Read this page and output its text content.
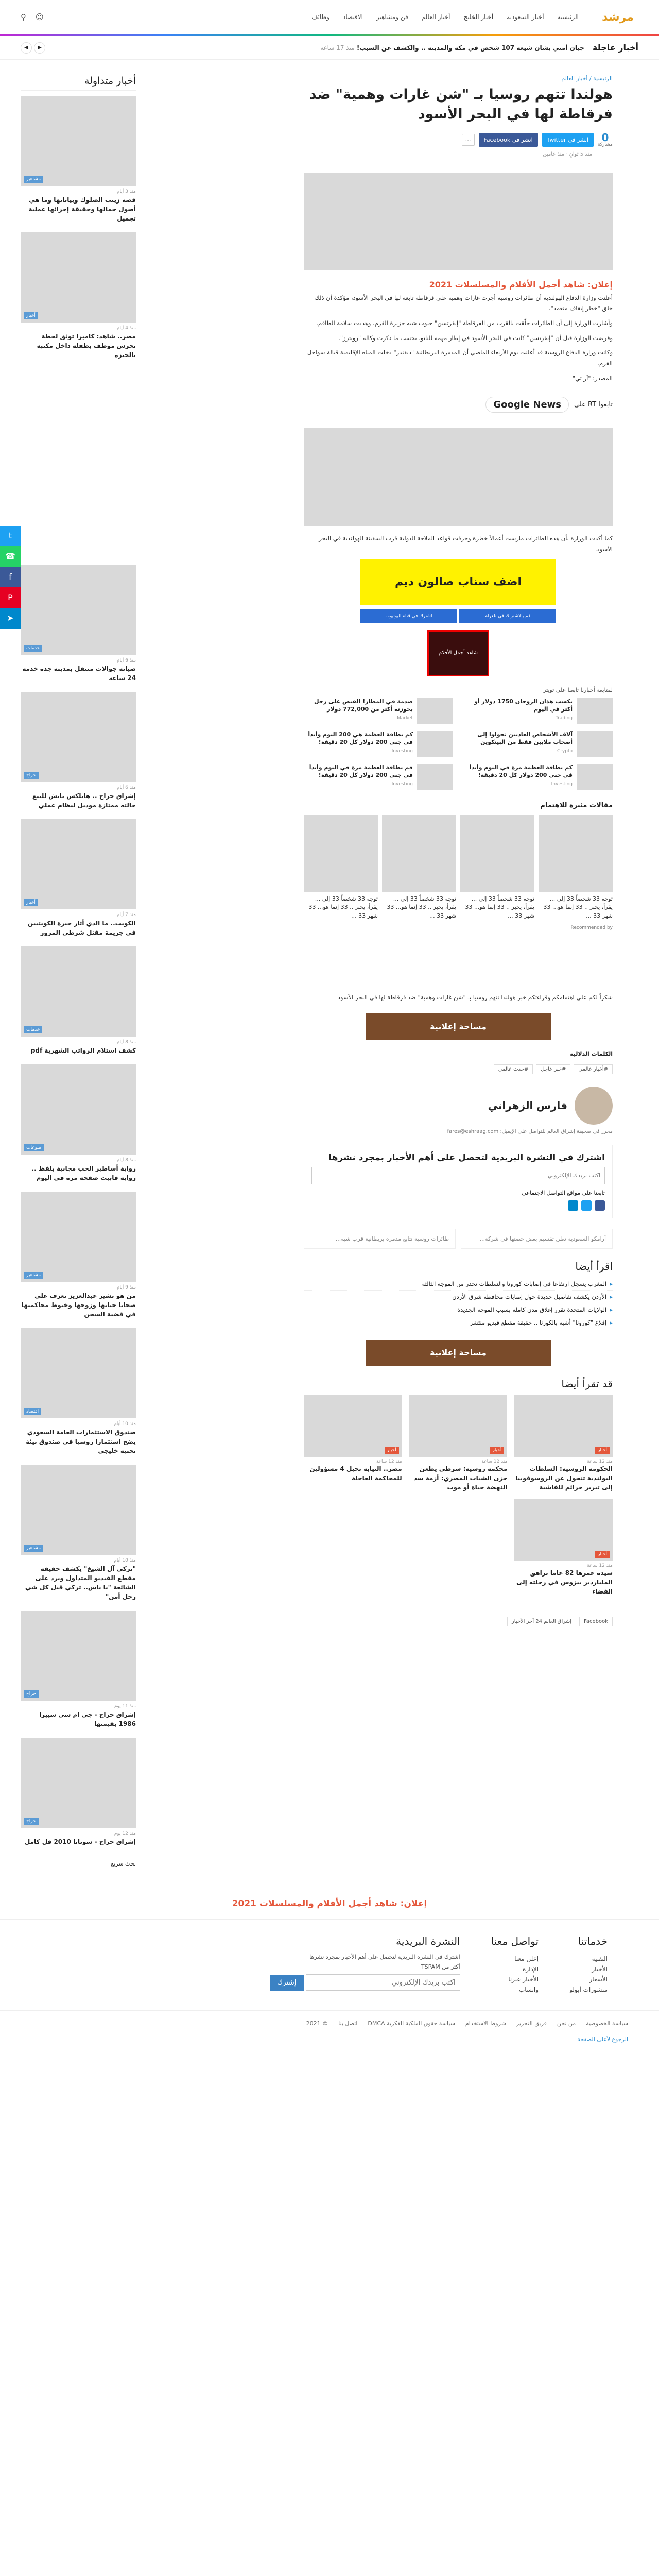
مرشد
الرئيسية
أخبار السعودية
أخبار الخليج
أخبار العالم
فن ومشاهير
الاقتصاد
وظائف
☺
⚲
أخبار عاجلة
جيان أمني يشان شيعة 107 شخص في مكة والمدينة .. والكشف عن السبب! منذ 17 ساعة
▶
◀
t
☎
f
P
➤
الرئيسية / أخبار العالم
هولندا تتهم روسيا بـ "شن غارات وهمية" ضد فرقاطة لها في البحر الأسود
0
مشاركة
انشر في Twitter
انشر في Facebook
⋯
منذ 5 ثوانٍ · منذ عامين
إعلان: شاهد أجمل الأفلام والمسلسلات 2021

أعلنت وزارة الدفاع الهولندية أن طائرات روسية أجرت غارات وهمية على فرقاطة تابعة لها في البحر الأسود، مؤكدة أن ذلك خلق "خطر إيقاف متعمد".

وأشارت الوزارة إلى أن الطائرات حلّقت بالقرب من الفرقاطة "إيفرتسن" جنوب شبه جزيرة القرم، وهددت سلامة الطاقم.

وفرضت الوزارة قيل أن "إيفرتسن" كانت في البحر الأسود في إطار مهمة للناتو، بحسب ما ذكرت وكالة "رويترز".

وكانت وزارة الدفاع الروسية قد أعلنت يوم الأربعاء الماضي أن المدمرة البريطانية "ديفندر" دخلت المياه الإقليمية قبالة سواحل القرم.

المصدر: "آر تي"

تابعوا RT على
Google News

كما أكدت الوزارة بأن هذه الطائرات مارست أعمالاً خطرة وخرقت قواعد الملاحة الدولية قرب السفينة الهولندية في البحر الأسود.

اضف سناب صالون ديم
قم بالاشتراك في تلغرام
اشترك في قناة اليوتيوب
شاهد أجمل الأفلام
لمتابعة أخبارنا تابعنا على تويتر
يكسب هذان الزوجان 1750 دولار أو أكثر في اليوم
Trading
صدمة في المطار! القبض على رجل بحوزته أكثر من 772,000 دولار
Market
آلاف الأشخاص العاديين تحولوا إلى أصحاب ملايين فقط من البيتكوين
Crypto
كم بطاقة العظمة هي 200 اليوم وأبدأ في جني 200 دولار كل 20 دقيقة!
Investing
كم بطاقة العظمة مرة في اليوم وأبدأ في جني 200 دولار كل 20 دقيقة!
Investing
قم بطاقة العظمة مرة في اليوم وأبدأ في جني 200 دولار كل 20 دقيقة!
Investing
مقالات مثيرة للاهتمام

توجه 33 شخصاً 33 إلى ... يقرأ، يخبر .. 33 إنما هو... 33 شهر 33 ...

توجه 33 شخصاً 33 إلى ... يقرأ، يخبر .. 33 إنما هو... 33 شهر 33 ...

توجه 33 شخصاً 33 إلى ... يقرأ، يخبر .. 33 إنما هو... 33 شهر 33 ...

توجه 33 شخصاً 33 إلى ... يقرأ، يخبر .. 33 إنما هو... 33 شهر 33 ...

Recommended by

شكراً لكم على اهتمامكم وقراءتكم خبر هولندا تتهم روسيا بـ "شن غارات وهمية" ضد فرقاطة لها في البحر الأسود

مساحة إعلانية
الكلمات الدلالية
#أخبار عالمي
#خبر عاجل
#حدث عالمي
فارس الزهراني
محرر في صحيفة إشراق العالم للتواصل على الإيميل: fares@eshraag.com
اشترك في النشرة البريدية لتحصل على أهم الأخبار بمجرد نشرها
اكتب بريدك الإلكتروني
تابعنا على مواقع التواصل الاجتماعي
أرامكو السعودية تعلن تقسيم بعض حصتها في شركة...
طائرات روسية تتابع مدمرة بريطانية قرب شبه...
اقرأ أيضا
▸ المغرب يسجل ارتفاعا في إصابات كورونا والسلطات تحذر من الموجة الثالثة
▸ الأردن يكشف تفاصيل جديدة حول إصابات محافظة شرق الأردن
▸ الولايات المتحدة تقرر إغلاق مدن كاملة بسبب الموجة الجديدة
▸ إقلاع "كورونا" أشبه بالكورنا .. حقيقة مقطع فيديو منتشر
مساحة إعلانية
قد تقرأ أيضا
أخبار
منذ 12 ساعة
الحكومة الروسية: السلطات البولندية تتحول عن الروسوفوبيا إلى تبرير جرائم للفاشية
أخبار
منذ 12 ساعة
محكمة روسية: شرطي يطعن حزن الشباب المصري: أزمة سد النهضة حياة أو موت
أخبار
منذ 12 ساعة
مصر.. النيابة تحيل 4 مسؤولين للمحاكمة العاجلة
أخبار
منذ 12 ساعة
سيدة عمرها 82 عاما تراهق الملياردير بيزوس في رحلته إلى الفضاء
Facebook
إشراق العالم 24 آخر الأخبار
أخبار متداولة
مشاهير
منذ 3 أيام
قصة زينب الصلوك وبياناتها وما هي أصول جمالها وحقيقة إجرائها عملية تجميل
أخبار
منذ 4 أيام
مصر.. شاهد: كاميرا توثق لحظة تحرش موظف بطفلة داخل مكتبه بالجيزة
خدمات
منذ 6 أيام
صيانة جوالات متنقل بمدينة جدة خدمة 24 ساعة
حراج
منذ 6 أيام
إشراق حراج .. هايلكس تاتش للبيع حالته ممتازة موديل لنظام عملي
أخبار
منذ 7 أيام
الكويت.. ما الذي أثار حيرة الكويتيين في جريمة مقتل شرطي المرور
خدمات
منذ 8 أيام
كشف استلام الرواتب الشهرية pdf
منوعات
منذ 8 أيام
رواية أساطير الحب مجانية بلفظ .. رواية فابيت صفحة مرة في اليوم
مشاهير
منذ 9 أيام
من هو بشير عبدالعزيز تعرف على ضحايا حياتها وزوجها وخيوط محاكمتها في قضية السجن
اقتصاد
منذ 10 أيام
صندوق الاستثمارات العامة السعودي يضخ استثمارا روسيا في صندوق بيئة تحتية خليجي
مشاهير
منذ 10 أيام
"تركي آل الشيخ" يكشف حقيقة مقطع الفيديو المتداول ويرد على الشائعة "يا ناس.. تركي قبل كل شي رجل أمن"
حراج
منذ 11 يوم
إشراق حراج - جي ام سي سييرا 1986 بقيمتها
حراج
منذ 12 يوم
إشراق حراج - سوناتا 2010 فل كامل
بحث سريع
إعلان: شاهد أجمل الأفلام والمسلسلات 2021
خدماتنا
التقنية
الأخبار
الأسعار
منشورات أبولو
تواصل معنا
إعلن معنا
الإدارة
الأخبار عبرنا
واتساب
النشرة البريدية

اشترك في النشرة البريدية لتحصل على أهم الأخبار بمجرد نشرها

أكثر من TSPAM

اكتب بريدك الإلكتروني إشترك
سياسة الخصوصية
من نحن
فريق التحرير
شروط الاستخدام
سياسة حقوق الملكية الفكرية DMCA
اتصل بنا
© 2021
الرجوع لأعلى الصفحة
